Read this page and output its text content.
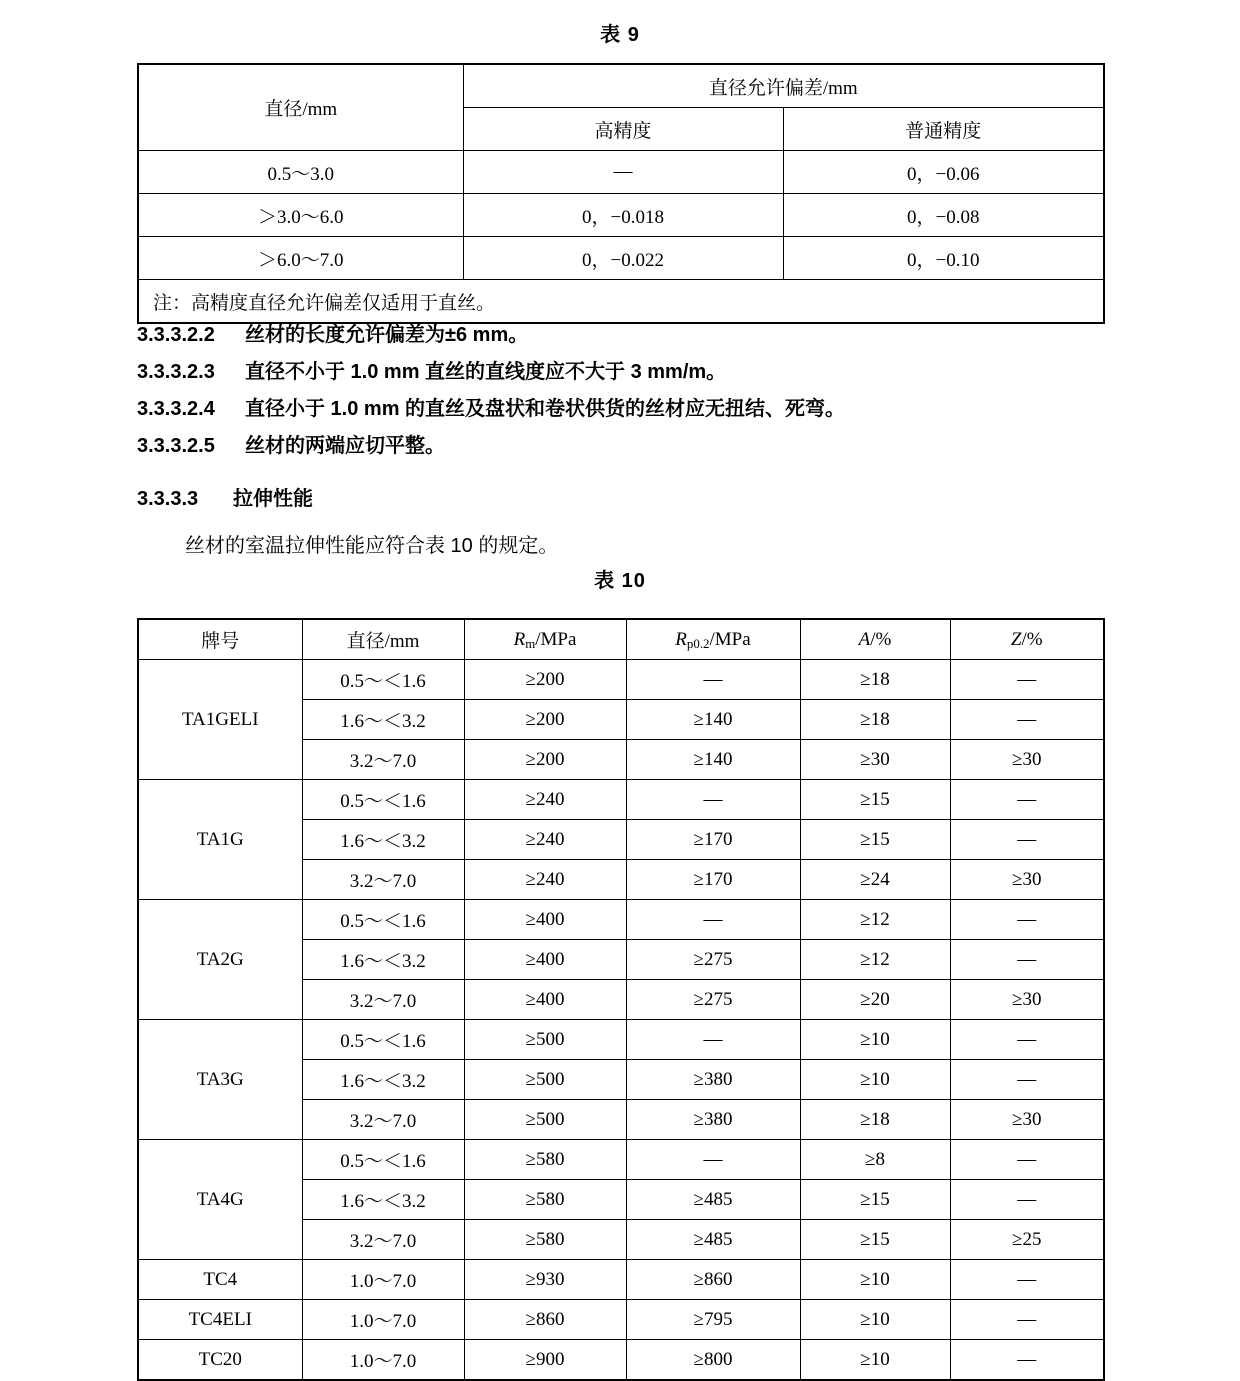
表 9
直径/mm	直径允许偏差/mm	
	高精度	普通精度
0.5～3.0	—	0，−0.06
＞3.0～6.0	0，−0.018	0，−0.08
＞6.0～7.0	0，−0.022	0，−0.10
注：高精度直径允许偏差仅适用于直丝。		

3.3.3.2.2 丝材的长度允许偏差为±6 mm。

3.3.3.2.3 直径不小于 1.0 mm 直丝的直线度应不大于 3 mm/m。

3.3.3.2.4 直径小于 1.0 mm 的直丝及盘状和卷状供货的丝材应无扭结、死弯。

3.3.3.2.5 丝材的两端应切平整。

3.3.3.3 拉伸性能

丝材的室温拉伸性能应符合表 10 的规定。

表 10
牌号	直径/mm	$R_m$/MPa	$R_{p0.2}$/MPa	A/%	Z/%
TA1GELI	0.5～＜1.6	≥200	—	≥18	—
	1.6～＜3.2	≥200	≥140	≥18	—
	3.2～7.0	≥200	≥140	≥30	≥30
TA1G	0.5～＜1.6	≥240	—	≥15	—
	1.6～＜3.2	≥240	≥170	≥15	—
	3.2～7.0	≥240	≥170	≥24	≥30
TA2G	0.5～＜1.6	≥400	—	≥12	—
	1.6～＜3.2	≥400	≥275	≥12	—
	3.2～7.0	≥400	≥275	≥20	≥30
TA3G	0.5～＜1.6	≥500	—	≥10	—
	1.6～＜3.2	≥500	≥380	≥10	—
	3.2～7.0	≥500	≥380	≥18	≥30
TA4G	0.5～＜1.6	≥580	—	≥8	—
	1.6～＜3.2	≥580	≥485	≥15	—
	3.2～7.0	≥580	≥485	≥15	≥25
TC4	1.0～7.0	≥930	≥860	≥10	—
TC4ELI	1.0～7.0	≥860	≥795	≥10	—
TC20	1.0～7.0	≥900	≥800	≥10	—
